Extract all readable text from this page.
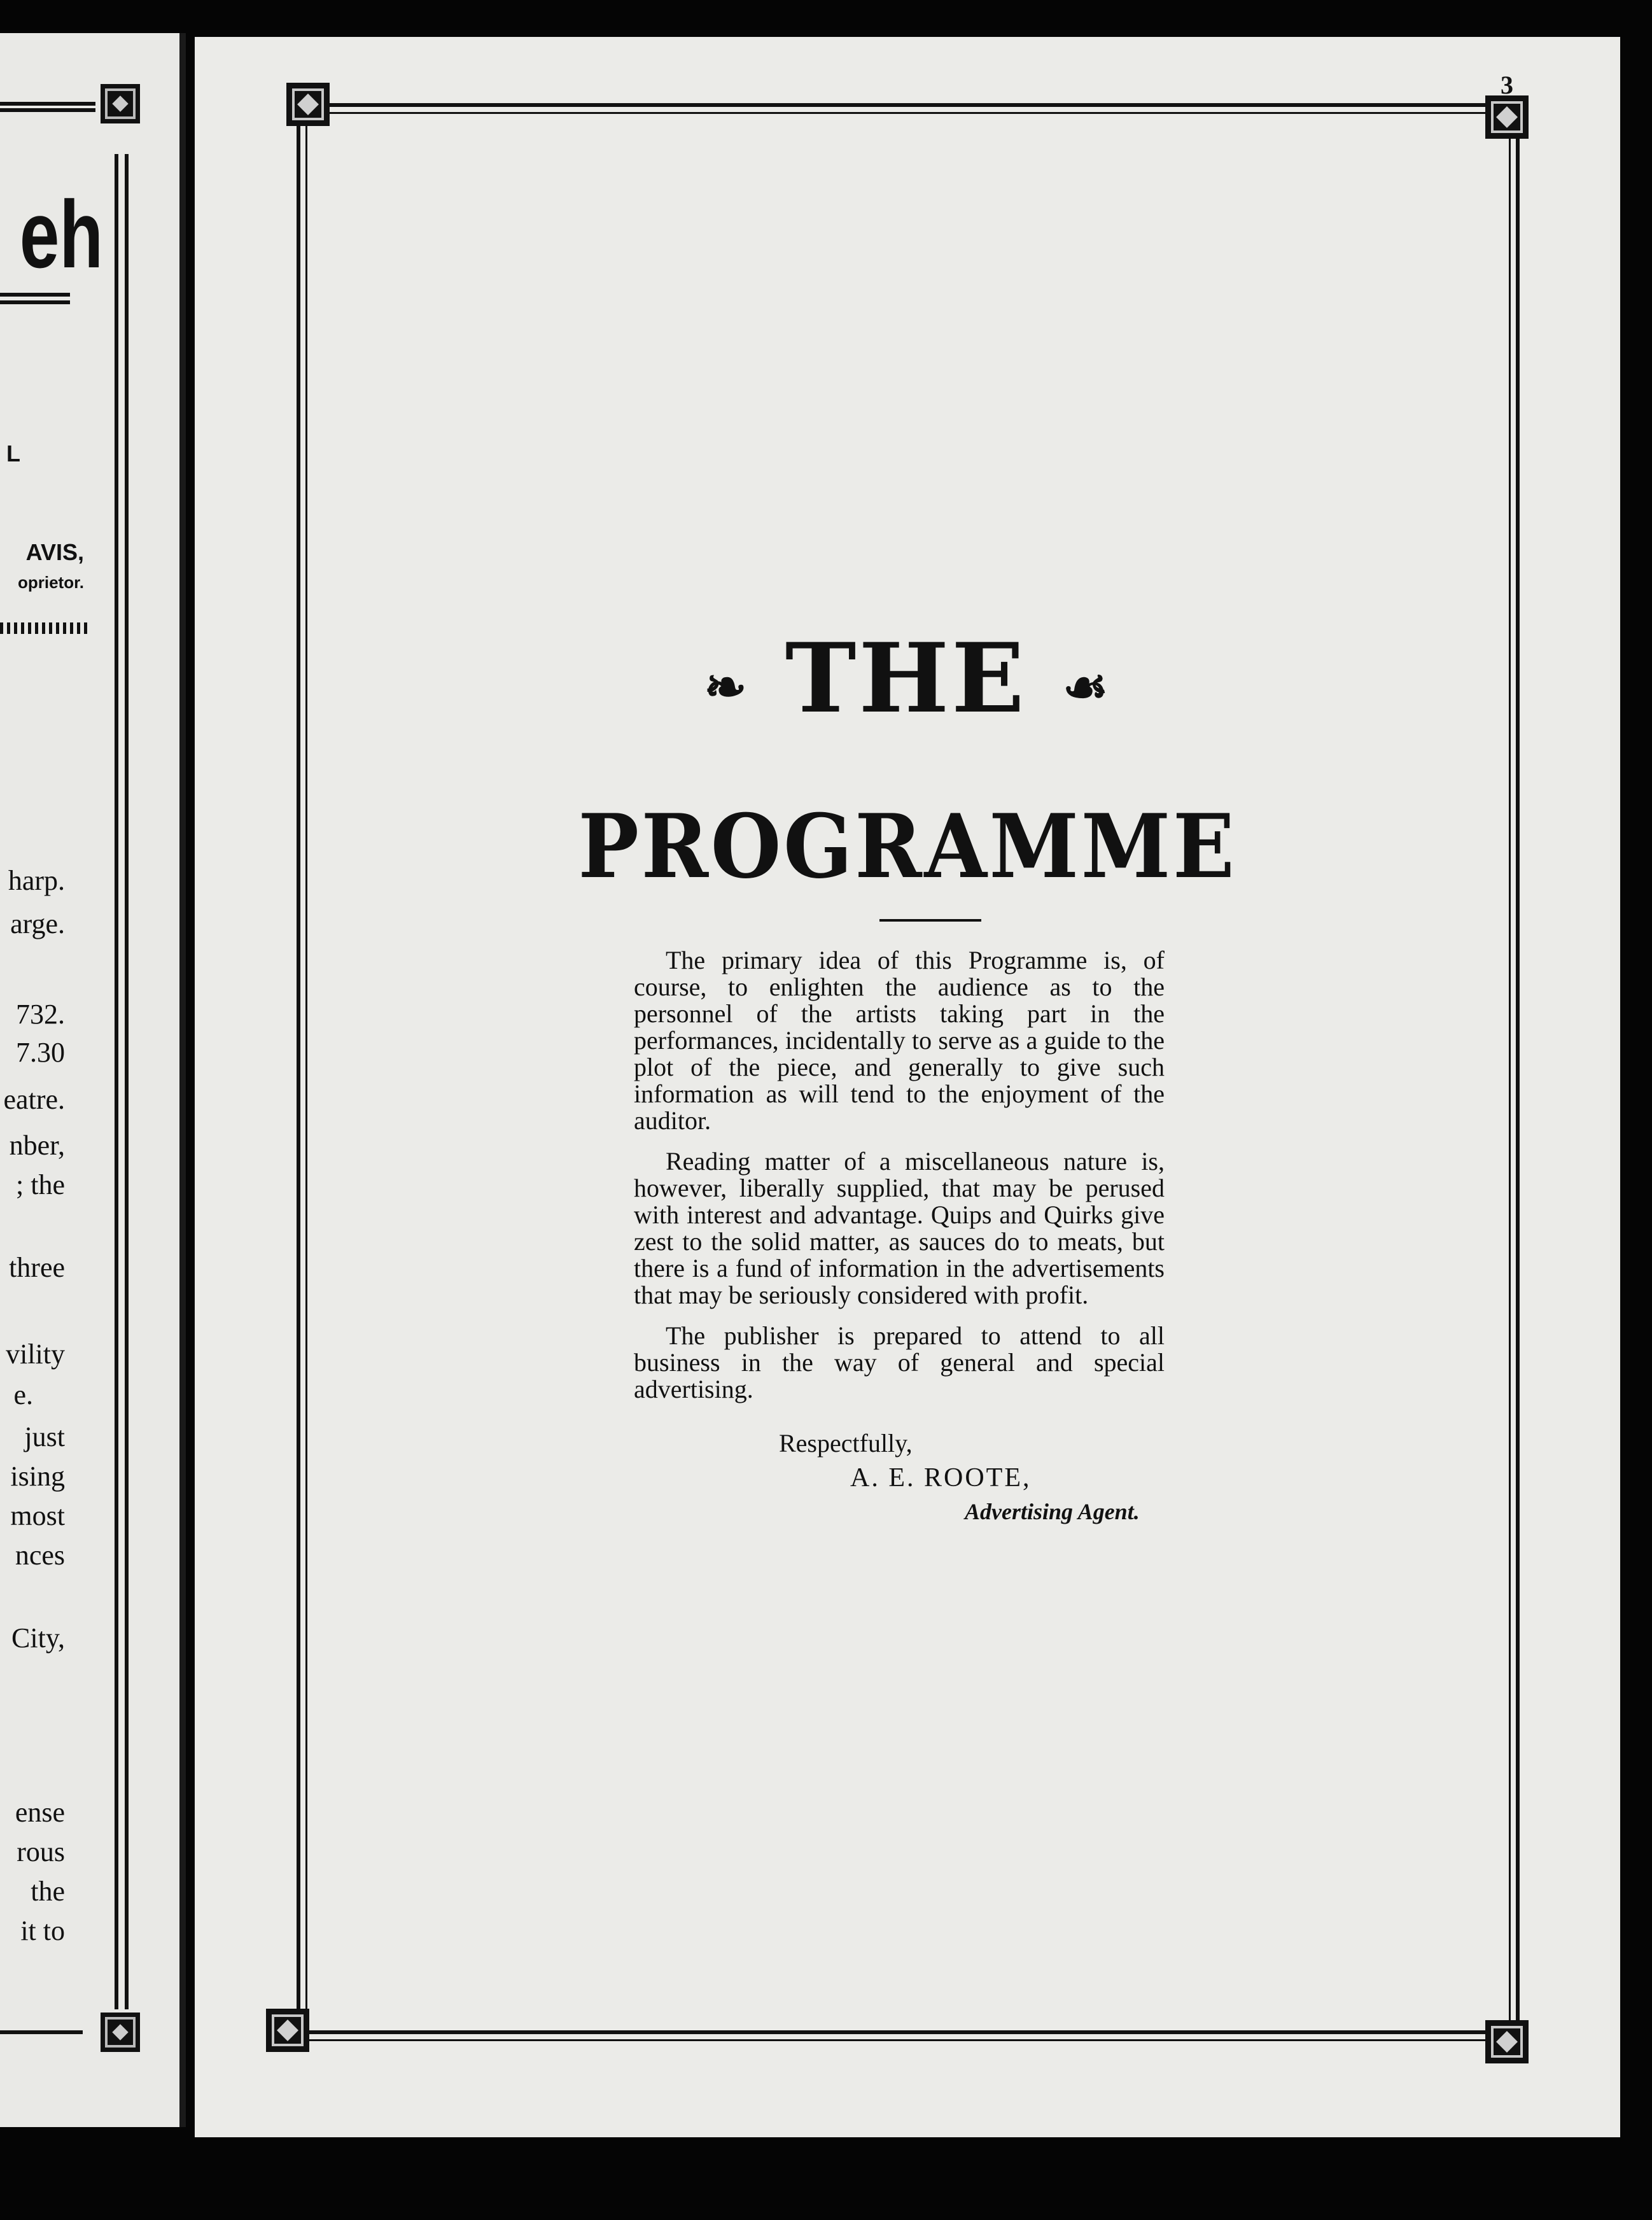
eh
L
AVIS,
oprietor.
harp.
arge.
732.
7.30
eatre.
nber,
; the
three
vility
e.
just
ising
most
nces
City,
ense
rous
the
it to
3
❧ THE ☙
PROGRAMME

The primary idea of this Programme is, of course, to enlighten the audience as to the personnel of the artists taking part in the performances, incidentally to serve as a guide to the plot of the piece, and generally to give such information as will tend to the enjoyment of the auditor.

Reading matter of a miscellaneous nature is, however, liberally supplied, that may be perused with interest and advantage. Quips and Quirks give zest to the solid matter, as sauces do to meats, but there is a fund of information in the advertisements that may be seriously considered with profit.

The publisher is prepared to attend to all business in the way of general and special advertising.

Respectfully,
A. E. ROOTE,
Advertising Agent.
